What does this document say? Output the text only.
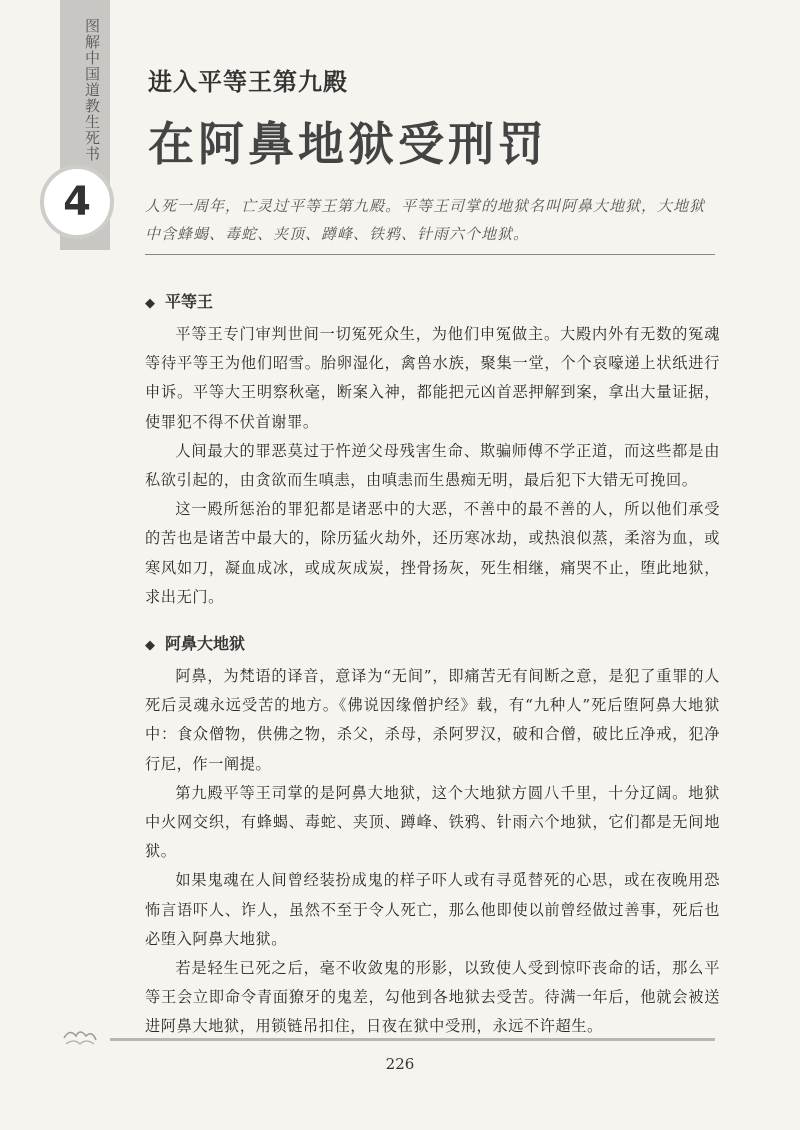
图解中国道教生死书
4
进入平等王第九殿
在阿鼻地狱受刑罚
人死一周年，亡灵过平等王第九殿。平等王司掌的地狱名叫阿鼻大地狱，大地狱中含蜂蝎、毒蛇、夹顶、蹲峰、铁鸦、针雨六个地狱。
◆ 平等王

平等王专门审判世间一切冤死众生，为他们申冤做主。大殿内外有无数的冤魂等待平等王为他们昭雪。胎卵湿化，禽兽水族，聚集一堂，个个哀嚎递上状纸进行申诉。平等大王明察秋毫，断案入神，都能把元凶首恶押解到案，拿出大量证据，使罪犯不得不伏首谢罪。

人间最大的罪恶莫过于忤逆父母残害生命、欺骗师傅不学正道，而这些都是由私欲引起的，由贪欲而生嗔恚，由嗔恚而生愚痴无明，最后犯下大错无可挽回。

这一殿所惩治的罪犯都是诸恶中的大恶，不善中的最不善的人，所以他们承受的苦也是诸苦中最大的，除历猛火劫外，还历寒冰劫，或热浪似蒸，柔溶为血，或寒风如刀，凝血成冰，或成灰成炭，挫骨扬灰，死生相继，痛哭不止，堕此地狱，求出无门。

◆ 阿鼻大地狱

阿鼻，为梵语的译音，意译为“无间”，即痛苦无有间断之意，是犯了重罪的人死后灵魂永远受苦的地方。《佛说因缘僧护经》载，有“九种人”死后堕阿鼻大地狱中：食众僧物，供佛之物，杀父，杀母，杀阿罗汉，破和合僧，破比丘净戒，犯净行尼，作一阐提。

第九殿平等王司掌的是阿鼻大地狱，这个大地狱方圆八千里，十分辽阔。地狱中火网交织，有蜂蝎、毒蛇、夹顶、蹲峰、铁鸦、针雨六个地狱，它们都是无间地狱。

如果鬼魂在人间曾经装扮成鬼的样子吓人或有寻觅替死的心思，或在夜晚用恐怖言语吓人、诈人，虽然不至于令人死亡，那么他即使以前曾经做过善事，死后也必堕入阿鼻大地狱。

若是轻生已死之后，毫不收敛鬼的形影，以致使人受到惊吓丧命的话，那么平等王会立即命令青面獠牙的鬼差，勾他到各地狱去受苦。待满一年后，他就会被送进阿鼻大地狱，用锁链吊扣住，日夜在狱中受刑，永远不许超生。

226
